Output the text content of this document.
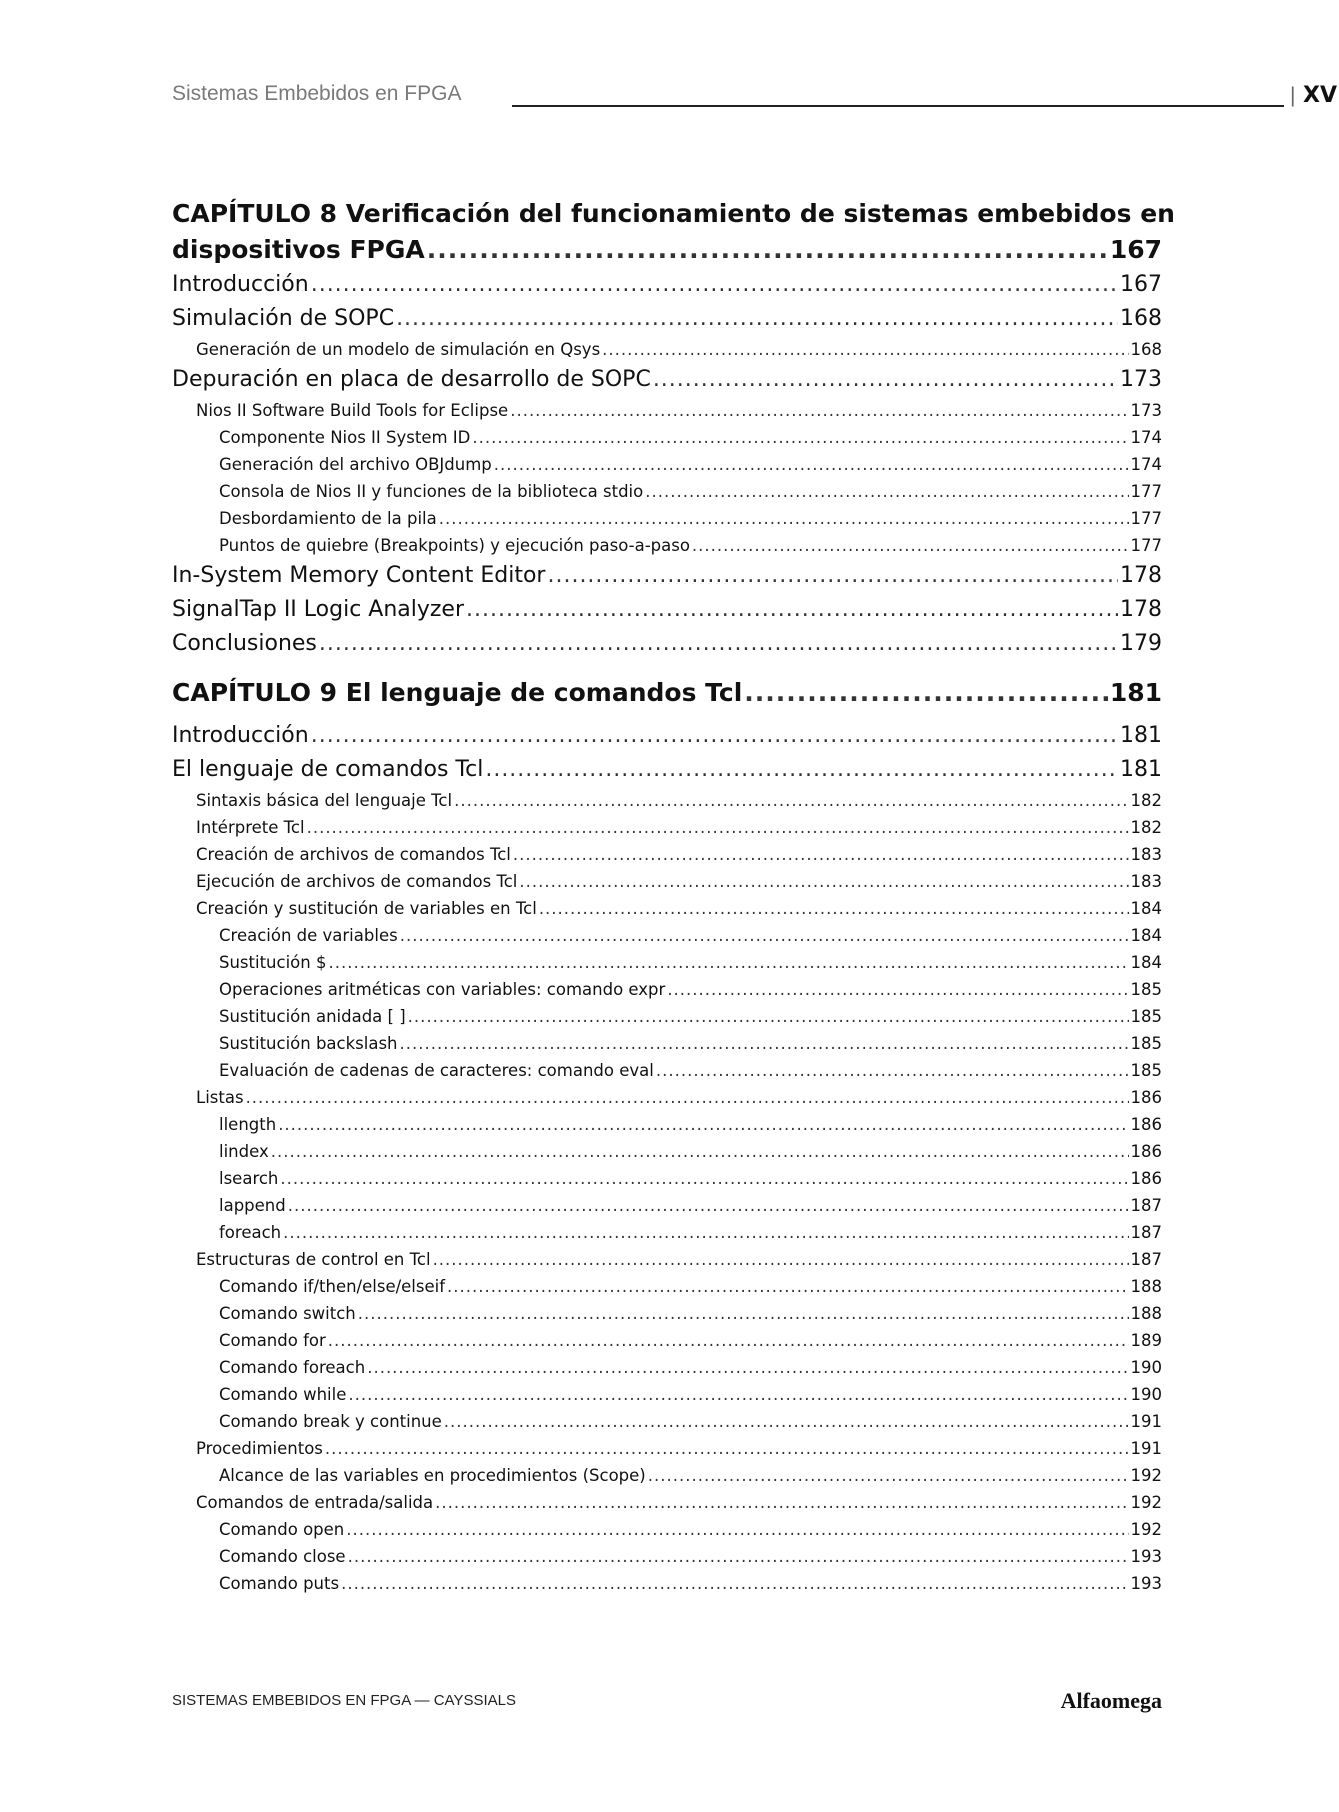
Sistemas Embebidos en FPGA	| XV
CAPÍTULO 8 Verificación del funcionamiento de sistemas embebidos en
dispositivos FPGA .....	167
Introducción .....	167
Simulación de SOPC .....	168
Generación de un modelo de simulación en Qsys .....	168
Depuración en placa de desarrollo de SOPC .....	173
Nios II Software Build Tools for Eclipse .....	173
Componente Nios II System ID .....	174
Generación del archivo OBJdump .....	174
Consola de Nios II y funciones de la biblioteca stdio .....	177
Desbordamiento de la pila .....	177
Puntos de quiebre (Breakpoints) y ejecución paso-a-paso .....	177
In-System Memory Content Editor .....	178
SignalTap II Logic Analyzer .....	178
Conclusiones .....	179
CAPÍTULO 9 El lenguaje de comandos Tcl .....	181
Introducción .....	181
El lenguaje de comandos Tcl .....	181
Sintaxis básica del lenguaje Tcl .....	182
Intérprete Tcl .....	182
Creación de archivos de comandos Tcl .....	183
Ejecución de archivos de comandos Tcl .....	183
Creación y sustitución de variables en Tcl .....	184
Creación de variables .....	184
Sustitución $ .....	184
Operaciones aritméticas con variables: comando expr .....	185
Sustitución anidada [ ] .....	185
Sustitución backslash .....	185
Evaluación de cadenas de caracteres: comando eval .....	185
Listas .....	186
llength .....	186
lindex .....	186
lsearch .....	186
lappend .....	187
foreach .....	187
Estructuras de control en Tcl .....	187
Comando if/then/else/elseif .....	188
Comando switch .....	188
Comando for .....	189
Comando foreach .....	190
Comando while .....	190
Comando break y continue .....	191
Procedimientos .....	191
Alcance de las variables en procedimientos (Scope) .....	192
Comandos de entrada/salida .....	192
Comando open .....	192
Comando close .....	193
Comando puts .....	193
SISTEMAS EMBEBIDOS EN FPGA — CAYSSIALS	Alfaomega
